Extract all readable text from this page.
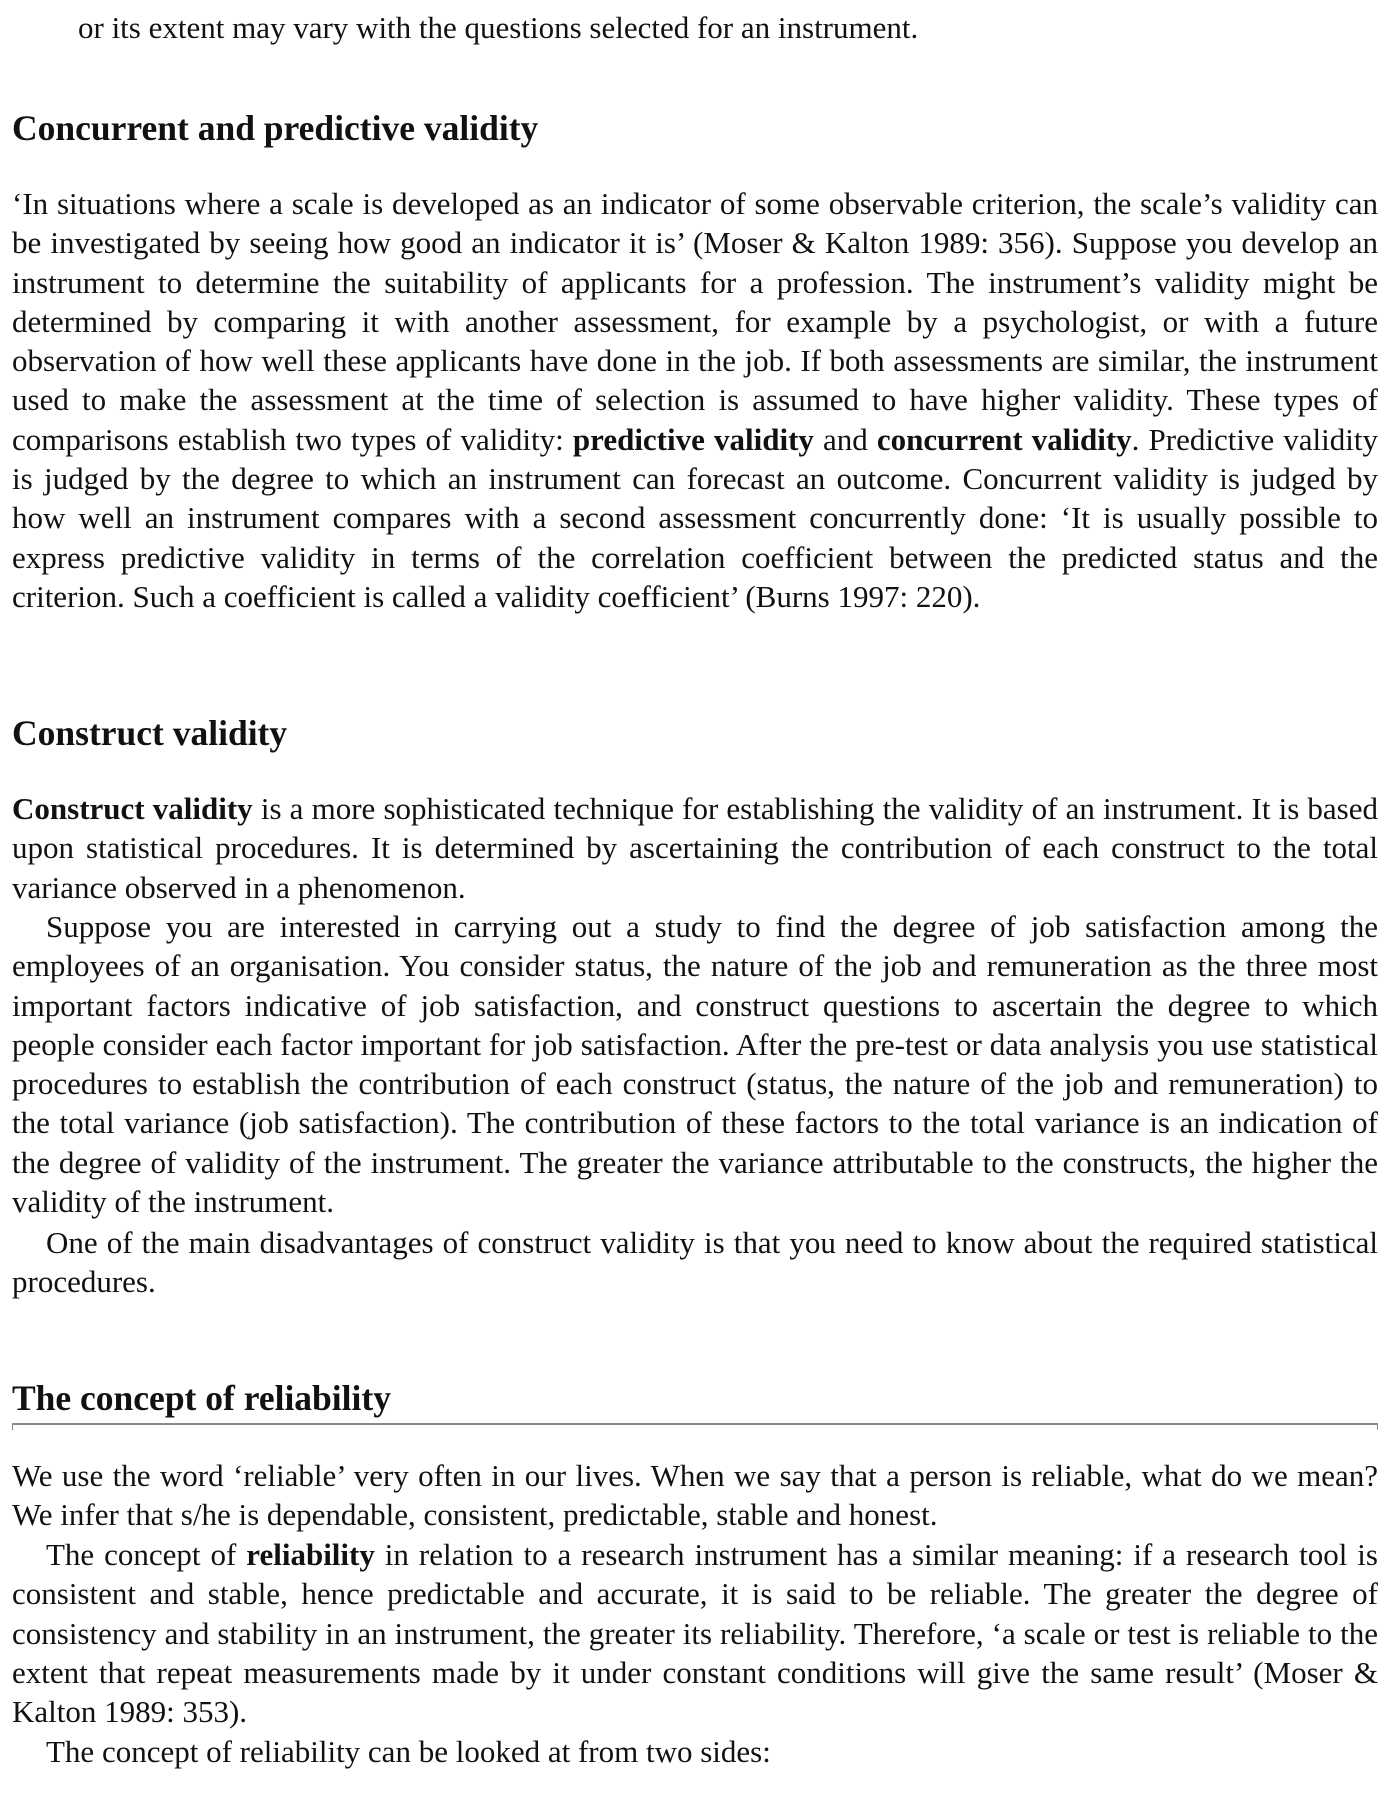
or its extent may vary with the questions selected for an instrument.

Concurrent and predictive validity

‘In situations where a scale is developed as an indicator of some observable criterion, the scale’s validity can be investigated by seeing how good an indicator it is’ (Moser & Kalton 1989: 356). Suppose you develop an instrument to determine the suitability of applicants for a profession. The instrument’s validity might be determined by comparing it with another assessment, for example by a psychologist, or with a future observation of how well these applicants have done in the job. If both assessments are similar, the instrument used to make the assessment at the time of selection is assumed to have higher validity. These types of comparisons establish two types of validity: predictive validity and concurrent validity. Predictive validity is judged by the degree to which an instrument can forecast an outcome. Concurrent validity is judged by how well an instrument compares with a second assessment concurrently done: ‘It is usually possible to express predictive validity in terms of the correlation coefficient between the predicted status and the criterion. Such a coefficient is called a validity coefficient’ (Burns 1997: 220).

Construct validity

Construct validity is a more sophisticated technique for establishing the validity of an instrument. It is based upon statistical procedures. It is determined by ascertaining the contribution of each construct to the total variance observed in a phenomenon.

Suppose you are interested in carrying out a study to find the degree of job satisfaction among the employees of an organisation. You consider status, the nature of the job and remuneration as the three most important factors indicative of job satisfaction, and construct questions to ascertain the degree to which people consider each factor important for job satisfaction. After the pre-test or data analysis you use statistical procedures to establish the contribution of each construct (status, the nature of the job and remuneration) to the total variance (job satisfaction). The contribution of these factors to the total variance is an indication of the degree of validity of the instrument. The greater the variance attributable to the constructs, the higher the validity of the instrument.

One of the main disadvantages of construct validity is that you need to know about the required statistical procedures.

The concept of reliability

We use the word ‘reliable’ very often in our lives. When we say that a person is reliable, what do we mean? We infer that s/he is dependable, consistent, predictable, stable and honest.

The concept of reliability in relation to a research instrument has a similar meaning: if a research tool is consistent and stable, hence predictable and accurate, it is said to be reliable. The greater the degree of consistency and stability in an instrument, the greater its reliability. Therefore, ‘a scale or test is reliable to the extent that repeat measurements made by it under constant conditions will give the same result’ (Moser & Kalton 1989: 353).

The concept of reliability can be looked at from two sides:
